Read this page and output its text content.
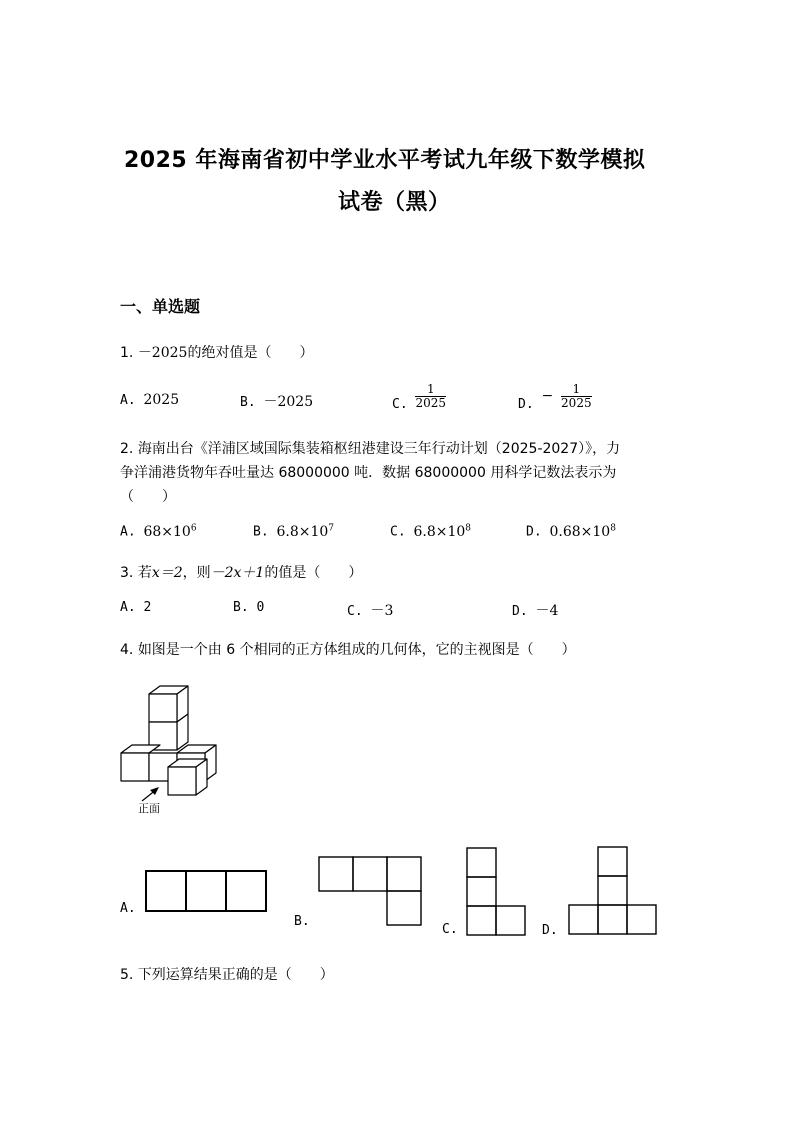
2025 年海南省初中学业水平考试九年级下数学模拟
试卷（黑）
一、单选题
1. －2025的绝对值是（　　）
A. 2025	B. －2025	C. $\frac{1}{2025}$	D. − $\frac{1}{2025}$
2. 海南出台《洋浦区域国际集装箱枢纽港建设三年行动计划（2025-2027）》，力
争洋浦港货物年吞吐量达 68000000 吨．数据 68000000 用科学记数法表示为
（　　）
A. $68\times 10^6$	B. $6.8\times 10^7$	C. $6.8\times 10^8$	D. $0.68\times 10^8$
3. 若x＝2，则－2x＋1的值是（　　）
A. 2	B. 0	C. －3	D. －4
4. 如图是一个由 6 个相同的正方体组成的几何体，它的主视图是（　　）
正面
A.
B.
C.	D.
5. 下列运算结果正确的是（　　）
